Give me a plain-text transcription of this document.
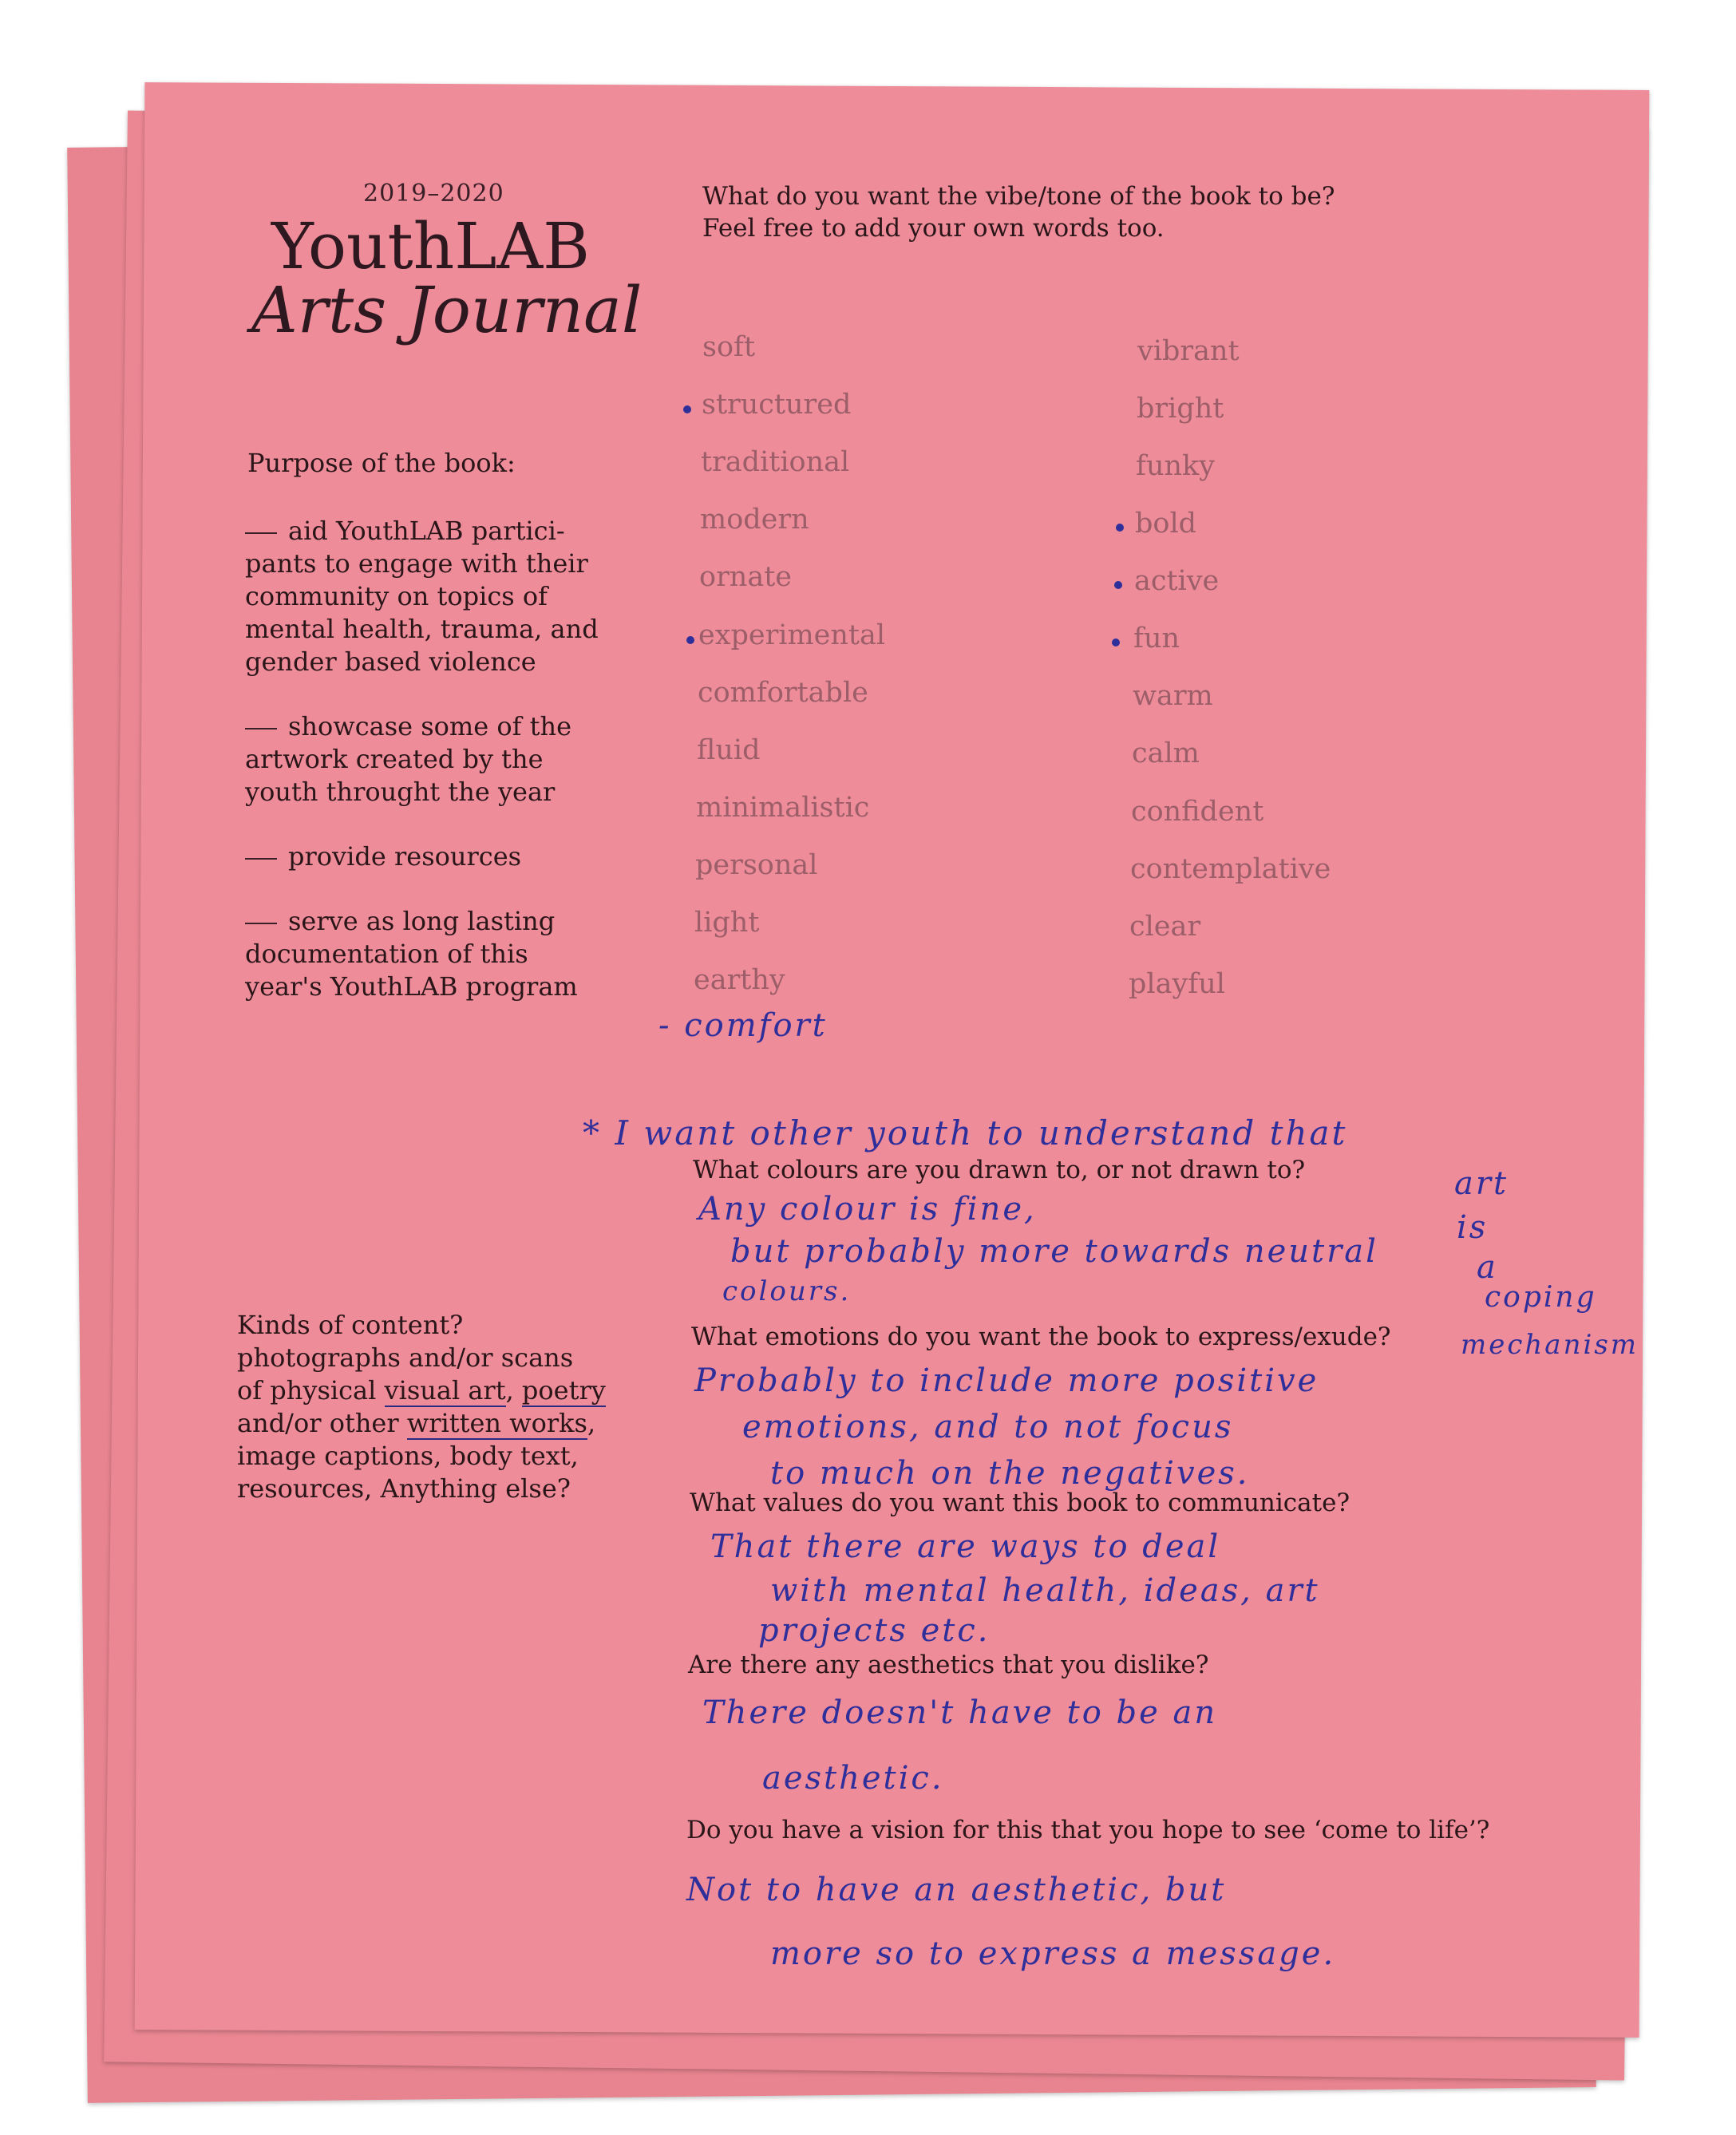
2019–2020
YouthLAB
Arts Journal
Purpose of the book:
aid YouthLAB partici-pants to engage with their community on topics of mental health, trauma, and gender based violence
showcase some of the artwork created by the youth throught the year
provide resources
serve as long lasting documentation of this year's YouthLAB program

Kinds of content?

photographs and/or scans

of physical visual art, poetry

and/or other written works,

image captions, body text,

resources, Anything else?

What do you want the vibe/tone of the book to be?
Feel free to add your own words too.
soft
structured
traditional
modern
ornate
experimental
comfortable
fluid
minimalistic
personal
light
earthy
vibrant
bright
funky
bold
active
fun
warm
calm
confident
contemplative
clear
playful
- comfort
* I want other youth to understand that
art
is
a
coping
mechanism
What colours are you drawn to, or not drawn to?
Any colour is fine,
but probably more towards neutral
colours.
What emotions do you want the book to express/exude?
Probably to include more positive
emotions, and to not focus
to much on the negatives.
What values do you want this book to communicate?
That there are ways to deal
with mental health, ideas, art
projects etc.
Are there any aesthetics that you dislike?
There doesn't have to be an
aesthetic.
Do you have a vision for this that you hope to see ‘come to life’?
Not to have an aesthetic, but
more so to express a message.
